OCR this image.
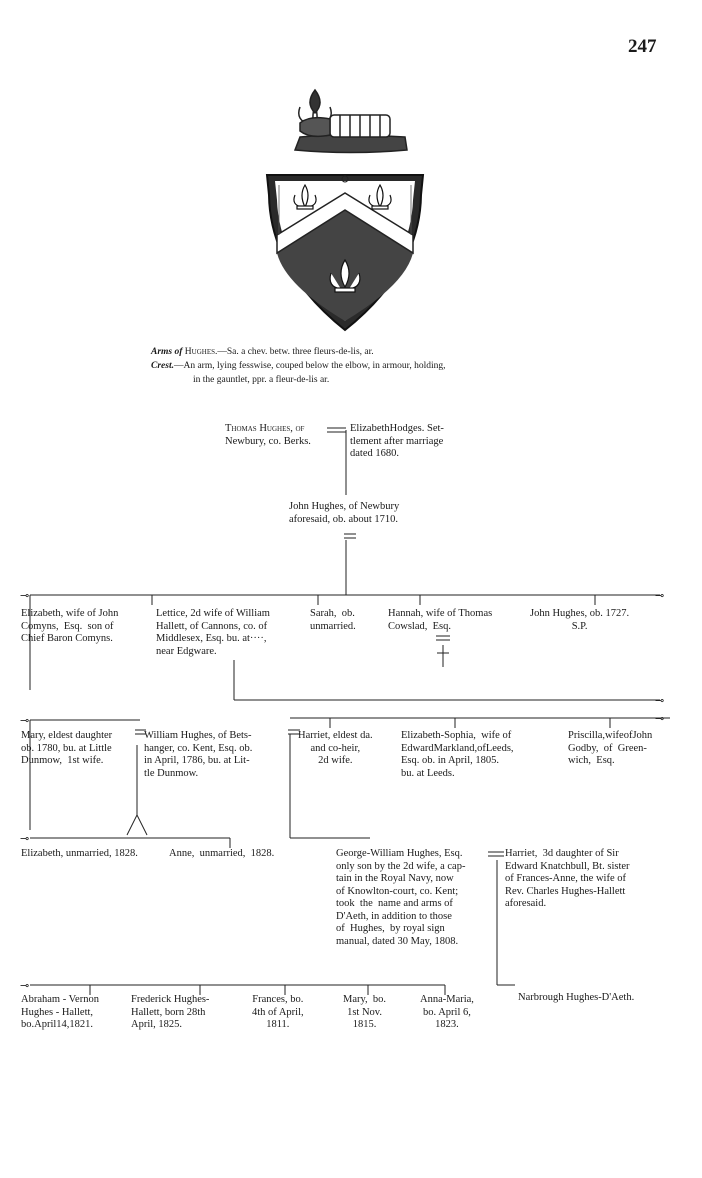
247
Arms of Hughes.—Sa. a chev. betw. three fleurs-de-lis, ar.
Crest.—An arm, lying fesswise, couped below the elbow, in armour, holding,
in the gauntlet, ppr. a fleur-de-lis ar.
⊸	⊸
⊸
⊸	⊸
⊸
⊸
Thomas Hughes, of
Newbury, co. Berks.
ElizabethHodges. Set-
tlement after marriage
dated 1680.
John Hughes, of Newbury
aforesaid, ob. about 1710.
Elizabeth, wife of John
Comyns,  Esq.  son of
Chief Baron Comyns.
Lettice, 2d wife of William
Hallett, of Cannons, co. of
Middlesex, Esq. bu. at····,
near Edgware.
Sarah,  ob.
unmarried.
Hannah, wife of Thomas
Cowslad,  Esq.
John Hughes, ob. 1727.
S.P.
Mary, eldest daughter
ob. 1780, bu. at Little
Dunmow,  1st wife.
William Hughes, of Bets-
hanger, co. Kent, Esq. ob.
in April, 1786, bu. at Lit-
tle Dunmow.
Harriet, eldest da.
and co-heir,
2d wife.
Elizabeth-Sophia,  wife of
EdwardMarkland,ofLeeds,
Esq. ob. in April, 1805.
bu. at Leeds.
Priscilla,wifeofJohn
Godby,  of  Green-
wich,  Esq.
Elizabeth, unmarried, 1828.	Anne,  unmarried,  1828.	George-William Hughes, Esq.
only son by the 2d wife, a cap-
tain in the Royal Navy, now
of Knowlton-court, co. Kent;
took  the  name and arms of
D'Aeth, in addition to those
of  Hughes,  by royal sign
manual, dated 30 May, 1808.
Harriet,  3d daughter of Sir
Edward Knatchbull, Bt. sister
of Frances-Anne, the wife of
Rev. Charles Hughes-Hallett
aforesaid.
Abraham - Vernon
Hughes - Hallett,
bo.April14,1821.
Frederick Hughes-
Hallett, born 28th
April, 1825.
Frances, bo.
4th of April,
1811.
Mary,  bo.
1st Nov.
1815.
Anna-Maria,
bo. April 6,
1823.
Narbrough Hughes-D'Aeth.
